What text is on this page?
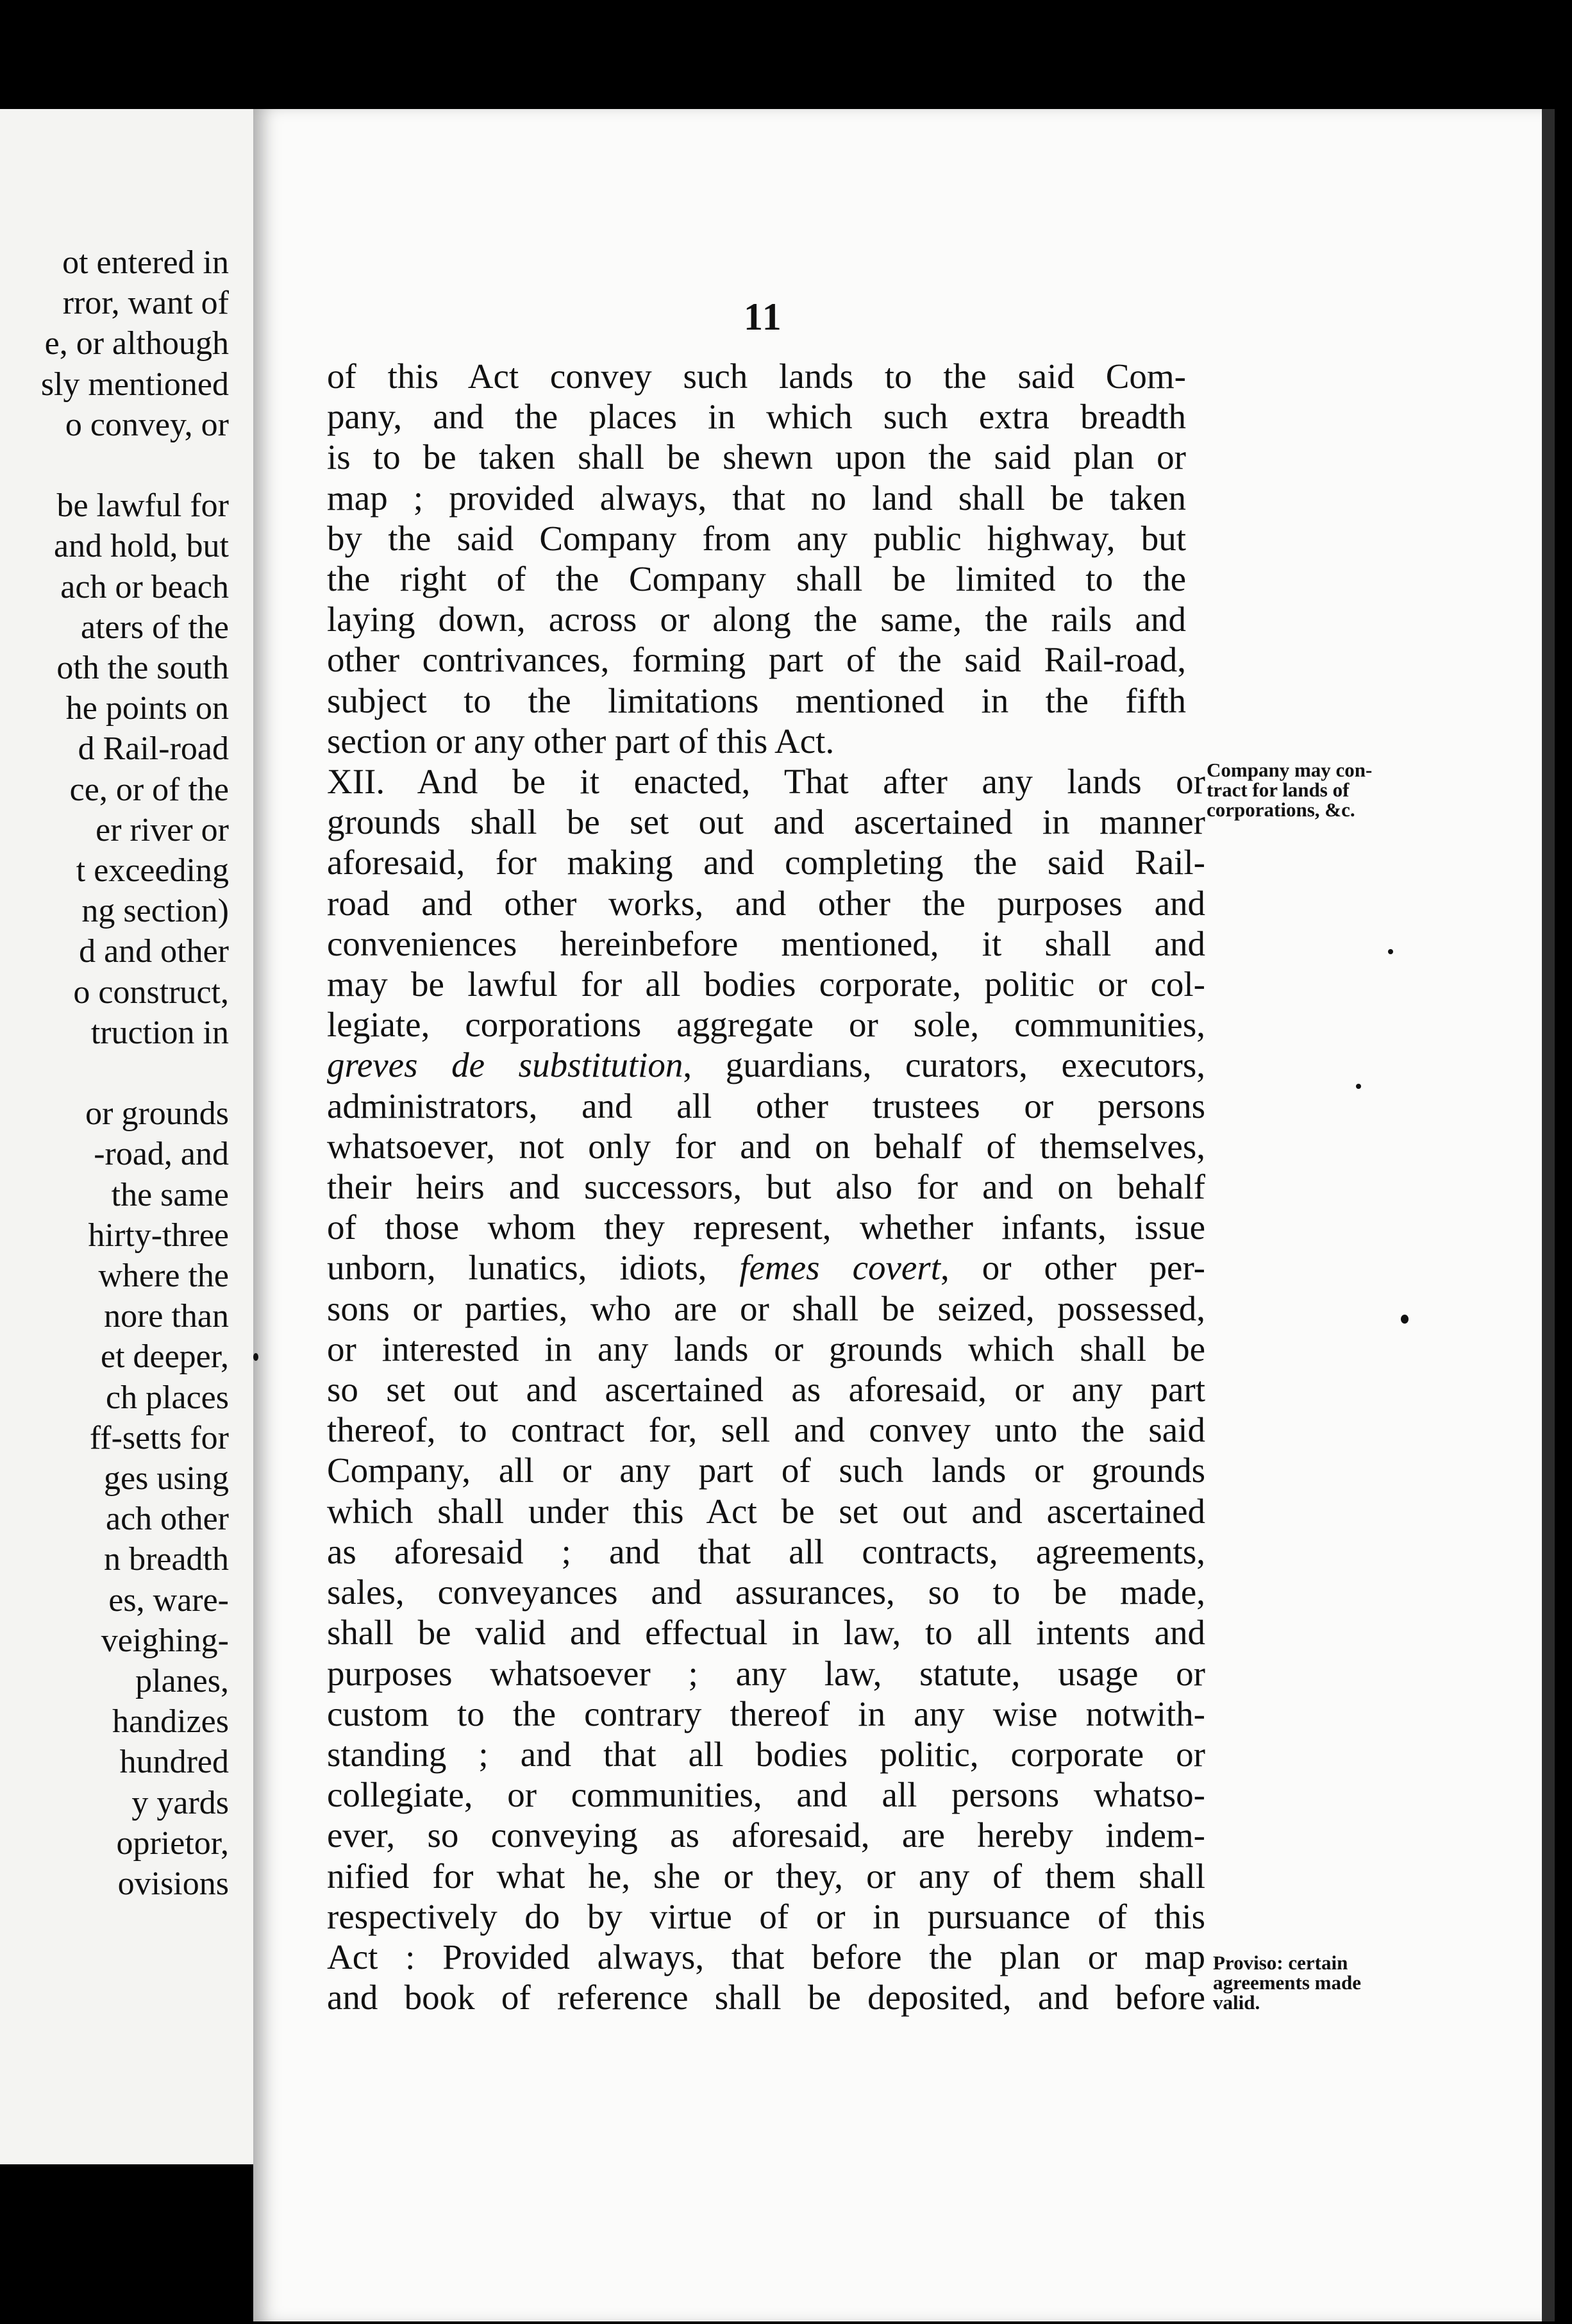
ot entered in
rror, want of
e, or although
sly mentioned
o convey, or
be lawful for
and hold, but
ach or beach
aters of the
oth the south
he points on
d Rail-road
ce, or of the
er river or
t exceeding
ng section)
d and other
o construct,
truction in
or grounds
-road, and
the same
hirty-three
where the
nore than
et deeper,
ch places
ff-setts for
ges using
ach other
n breadth
es, ware-
veighing-
planes,
handizes
hundred
y yards
oprietor,
ovisions
11
of this Act convey such lands to the said Com-
pany, and the places in which such extra breadth
is to be taken shall be shewn upon the said plan or
map ; provided always, that no land shall be taken
by the said Company from any public highway, but
the right of the Company shall be limited to the
laying down, across or along the same, the rails and
other contrivances, forming part of the said Rail-road,
subject to the limitations mentioned in the fifth
section or any other part of this Act.
XII. And be it enacted, That after any lands or
grounds shall be set out and ascertained in manner
aforesaid, for making and completing the said Rail-
road and other works, and other the purposes and
conveniences hereinbefore mentioned, it shall and
may be lawful for all bodies corporate, politic or col-
legiate, corporations aggregate or sole, communities,
greves de substitution, guardians, curators, executors,
administrators, and all other trustees or persons
whatsoever, not only for and on behalf of themselves,
their heirs and successors, but also for and on behalf
of those whom they represent, whether infants, issue
unborn, lunatics, idiots, femes covert, or other per-
sons or parties, who are or shall be seized, possessed,
or interested in any lands or grounds which shall be
so set out and ascertained as aforesaid, or any part
thereof, to contract for, sell and convey unto the said
Company, all or any part of such lands or grounds
which shall under this Act be set out and ascertained
as aforesaid ; and that all contracts, agreements,
sales, conveyances and assurances, so to be made,
shall be valid and effectual in law, to all intents and
purposes whatsoever ; any law, statute, usage or
custom to the contrary thereof in any wise notwith-
standing ; and that all bodies politic, corporate or
collegiate, or communities, and all persons whatso-
ever, so conveying as aforesaid, are hereby indem-
nified for what he, she or they, or any of them shall
respectively do by virtue of or in pursuance of this
Act : Provided always, that before the plan or map
and book of reference shall be deposited, and before
Company may con-
tract for lands of
corporations, &c.
Proviso: certain
agreements made
valid.
